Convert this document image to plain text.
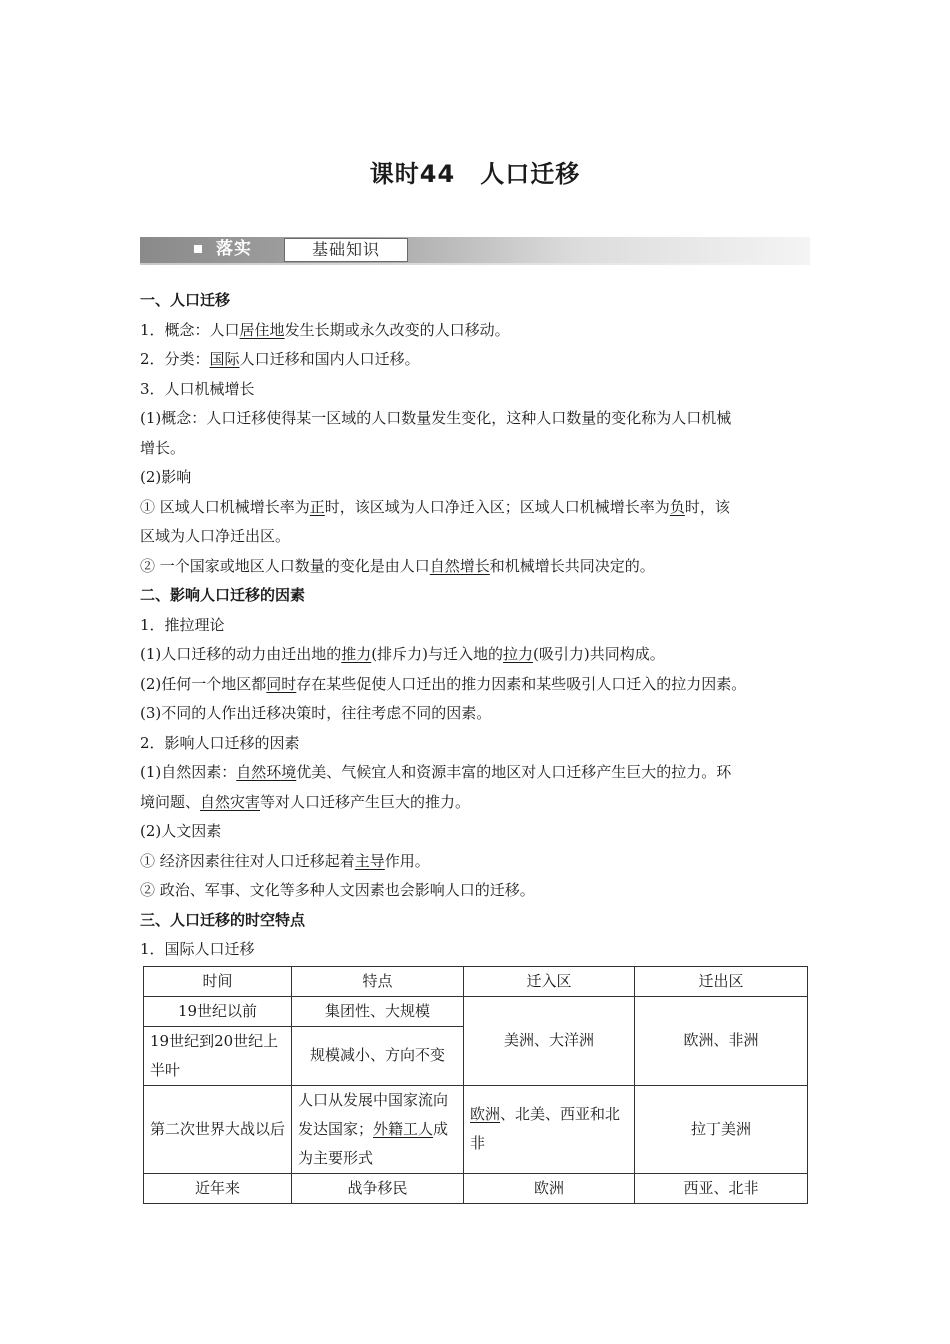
课时44　人口迁移
落实	基础知识
一、人口迁移
1．概念：人口居住地发生长期或永久改变的人口移动。
2．分类：国际人口迁移和国内人口迁移。
3．人口机械增长
(1)概念：人口迁移使得某一区域的人口数量发生变化，这种人口数量的变化称为人口机械
增长。
(2)影响
① 区域人口机械增长率为正时，该区域为人口净迁入区；区域人口机械增长率为负时，该
区域为人口净迁出区。
② 一个国家或地区人口数量的变化是由人口自然增长和机械增长共同决定的。
二、影响人口迁移的因素
1．推拉理论
(1)人口迁移的动力由迁出地的推力(排斥力)与迁入地的拉力(吸引力)共同构成。
(2)任何一个地区都同时存在某些促使人口迁出的推力因素和某些吸引人口迁入的拉力因素。
(3)不同的人作出迁移决策时，往往考虑不同的因素。
2．影响人口迁移的因素
(1)自然因素：自然环境优美、气候宜人和资源丰富的地区对人口迁移产生巨大的拉力。环
境问题、自然灾害等对人口迁移产生巨大的推力。
(2)人文因素
① 经济因素往往对人口迁移起着主导作用。
② 政治、军事、文化等多种人文因素也会影响人口的迁移。
三、人口迁移的时空特点
1．国际人口迁移
时间	特点	迁入区	迁出区
19世纪以前	集团性、大规模	美洲、大洋洲	欧洲、非洲
19世纪到20世纪上半叶	规模减小、方向不变		
第二次世界大战以后	人口从发展中国家流向发达国家；外籍工人成为主要形式	欧洲、北美、西亚和北非	拉丁美洲
近年来	战争移民	欧洲	西亚、北非
